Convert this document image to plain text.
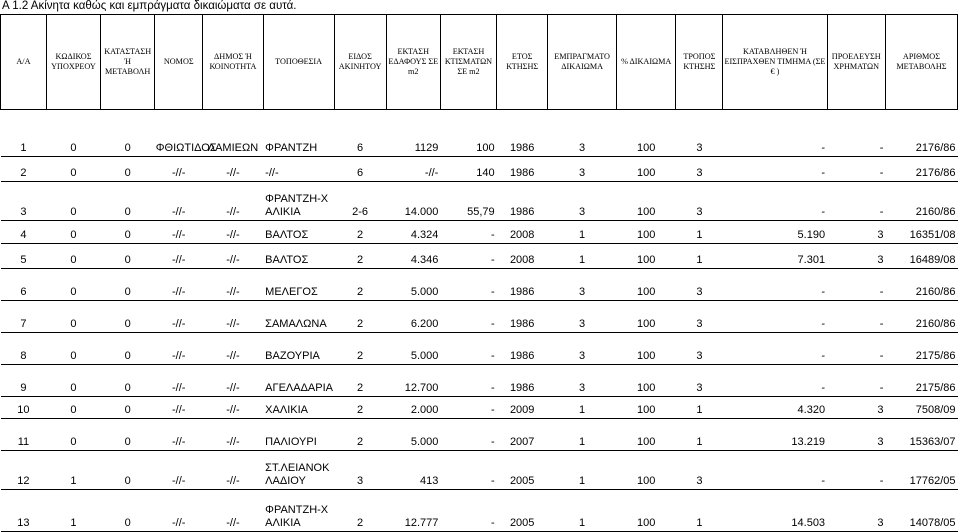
Α 1.2 Ακίνητα καθώς και εμπράγματα δικαιώματα σε αυτά.
Α/Α	ΚΩΔΙΚΟΣ ΥΠΟΧΡΕΟΥ	ΚΑΤΑΣΤΑΣΗ Ή ΜΕΤΑΒΟΛΗ	ΝΟΜΟΣ	ΔΗΜΟΣ Ή ΚΟΙΝΟΤΗΤΑ	ΤΟΠΟΘΕΣΙΑ	ΕΙΔΟΣ ΑΚΙΝΗΤΟΥ	ΕΚΤΑΣΗ ΕΔΑΦΟΥΣ ΣΕ m2	ΕΚΤΑΣΗ ΚΤΙΣΜΑΤΩΝ ΣΕ m2	ΕΤΟΣ ΚΤΗΣΗΣ	ΕΜΠΡΑΓΜΑΤΟ ΔΙΚΑΙΩΜΑ	% ΔΙΚΑΙΩΜΑ	ΤΡΟΠΟΣ ΚΤΗΣΗΣ	ΚΑΤΑΒΛΗΘΕΝ Ή ΕΙΣΠΡΑΧΘΕΝ ΤΙΜΗΜΑ (ΣΕ € )	ΠΡΟΕΛΕΥΣΗ ΧΡΗΜΑΤΩΝ	ΑΡΙΘΜΟΣ ΜΕΤΑΒΟΛΗΣ
1	0	0	ΦΘΙΩΤΙΔΟΣ	ΛΑΜΙΕΩΝ	ΦΡΑΝΤΖΗ	6	1129	100	1986	3	100	3	-	-	2176/86
2	0	0	-//-	-//-	-//-	6	-//-	140	1986	3	100	3	-	-	2176/86
3	0	0	-//-	-//-	ΦΡΑΝΤΖΗ-ΧΑΛΙΚΙΑ	2-6	14.000	55,79	1986	3	100	3	-	-	2160/86
4	0	0	-//-	-//-	ΒΑΛΤΟΣ	2	4.324	-	2008	1	100	1	5.190	3	16351/08
5	0	0	-//-	-//-	ΒΑΛΤΟΣ	2	4.346	-	2008	1	100	1	7.301	3	16489/08
6	0	0	-//-	-//-	ΜΕΛΕΓΟΣ	2	5.000	-	1986	3	100	3	-	-	2160/86
7	0	0	-//-	-//-	ΣΑΜΑΛΩΝΑ	2	6.200	-	1986	3	100	3	-	-	2160/86
8	0	0	-//-	-//-	ΒΑΖΟΥΡΙΑ	2	5.000	-	1986	3	100	3	-	-	2175/86
9	0	0	-//-	-//-	ΑΓΕΛΑΔΑΡΙΑ	2	12.700	-	1986	3	100	3	-	-	2175/86
10	0	0	-//-	-//-	ΧΑΛΙΚΙΑ	2	2.000	-	2009	1	100	1	4.320	3	7508/09
11	0	0	-//-	-//-	ΠΑΛΙΟΥΡΙ	2	5.000	-	2007	1	100	1	13.219	3	15363/07
12	1	0	-//-	-//-	ΣΤ.ΛΕΙΑΝΟΚΛΑΔΙΟΥ	3	413	-	2005	1	100	3	-	-	17762/05
13	1	0	-//-	-//-	ΦΡΑΝΤΖΗ-ΧΑΛΙΚΙΑ	2	12.777	-	2005	1	100	1	14.503	3	14078/05
